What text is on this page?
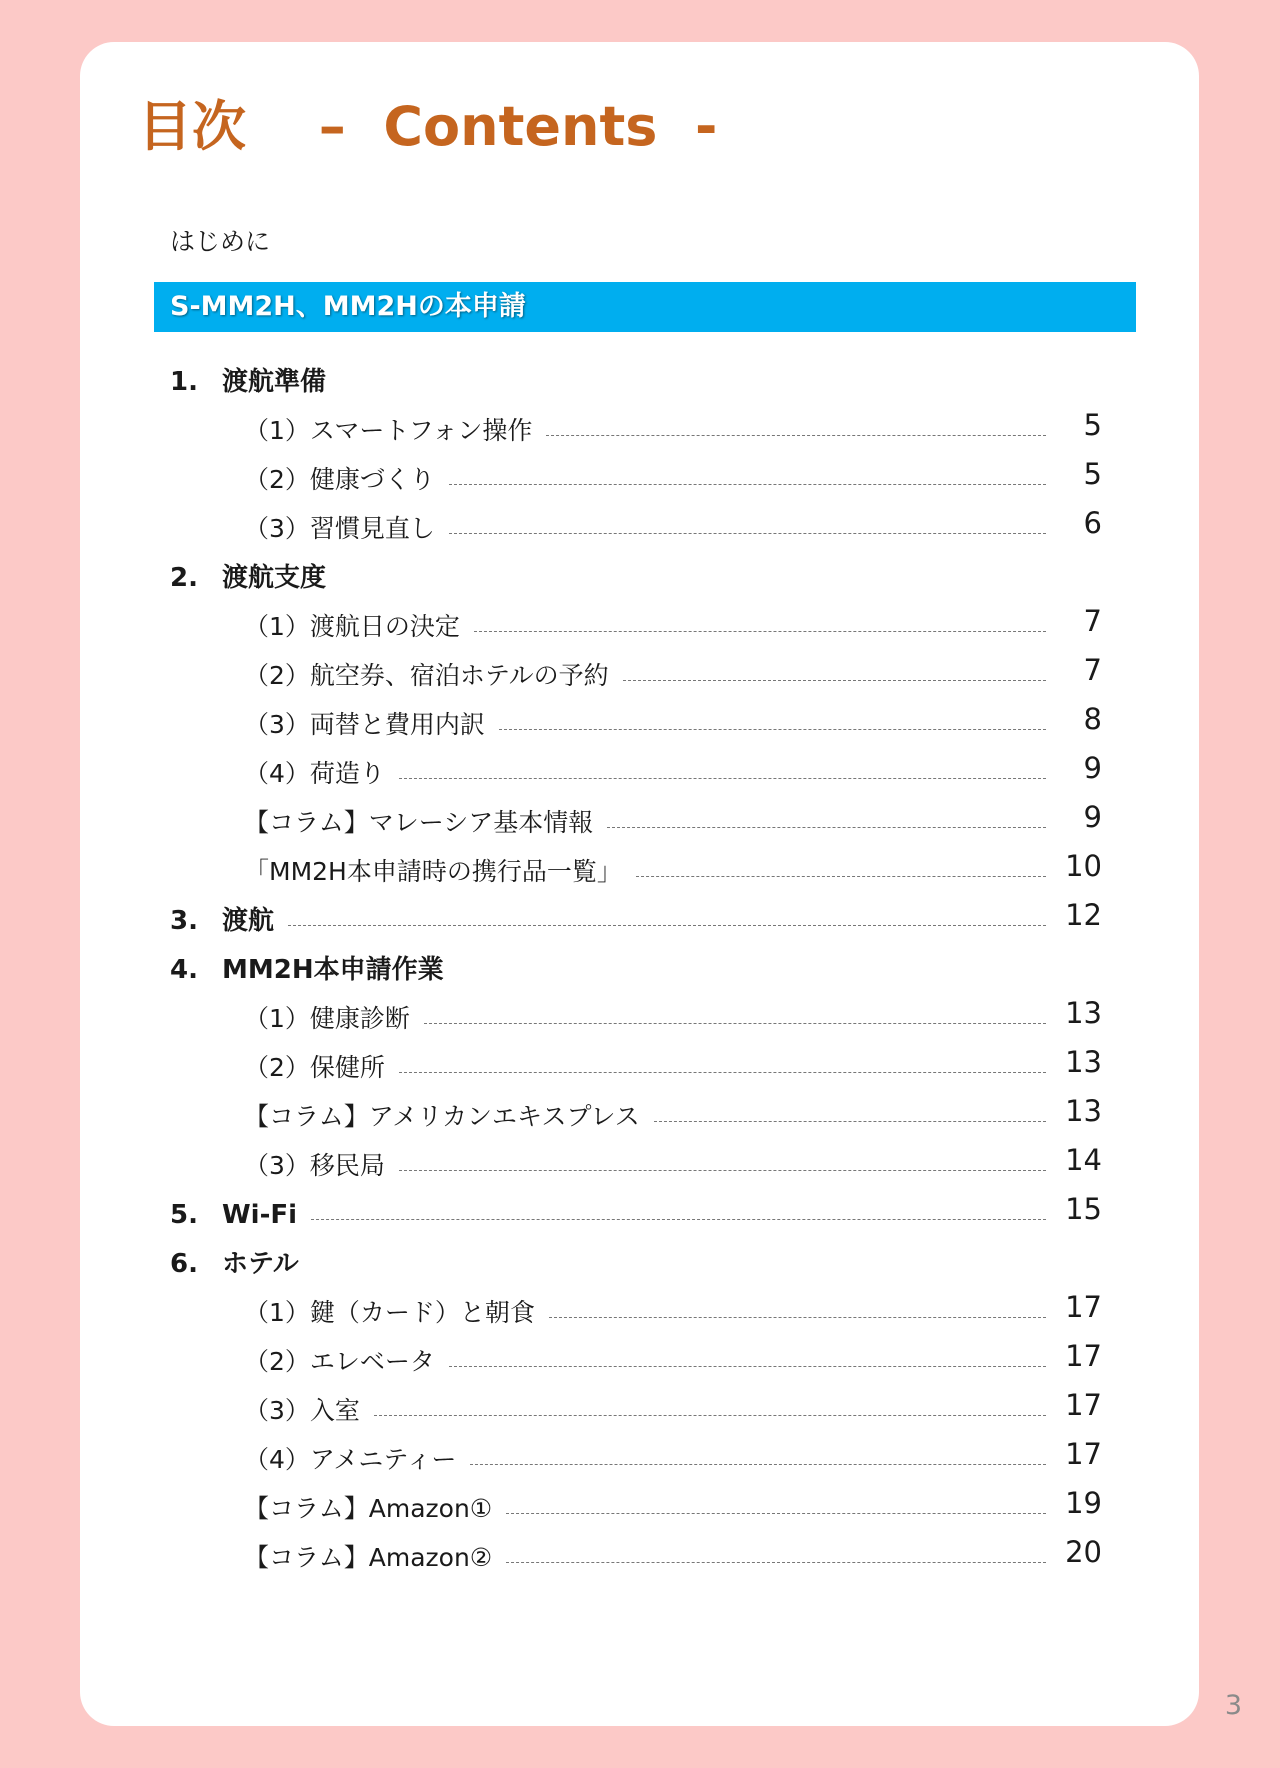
目次　 –  Contents  -
はじめに
S-MM2H、MM2Hの本申請
1. 渡航準備
（1）スマートフォン操作	5
（2）健康づくり	5
（3）習慣見直し	6
2. 渡航支度
（1）渡航日の決定	7
（2）航空券、宿泊ホテルの予約	7
（3）両替と費用内訳	8
（4）荷造り	9
【コラム】マレーシア基本情報	9
「MM2H本申請時の携行品一覧」	10
3. 渡航	12
4. MM2H本申請作業
（1）健康診断	13
（2）保健所	13
【コラム】アメリカンエキスプレス	13
（3）移民局	14
5. Wi-Fi	15
6. ホテル
（1）鍵（カード）と朝食	17
（2）エレベータ	17
（3）入室	17
（4）アメニティー	17
【コラム】Amazon①	19
【コラム】Amazon②	20
3
